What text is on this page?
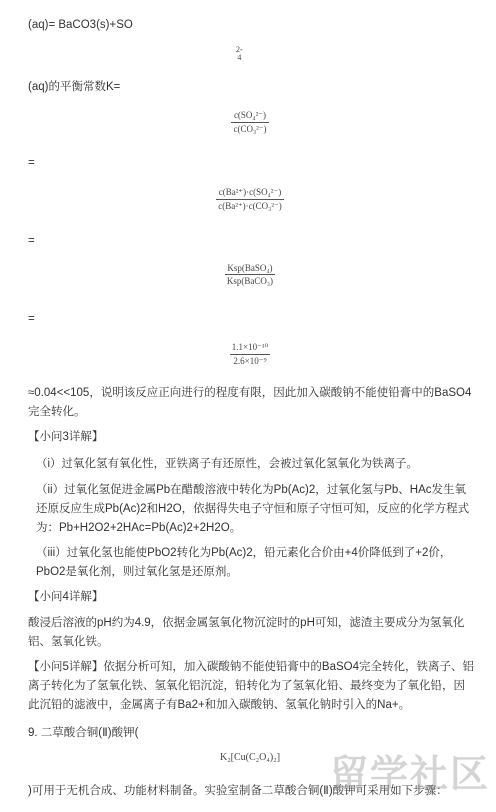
(aq)= BaCO3(s)+SO

2-
4

(aq)的平衡常数K=

$\frac{\text{c(SO₄²⁻)}}{\text{c(CO₃²⁻)}}$

=

$\frac{\text{c(Ba²⁺)·c(SO₄²⁻)}}{\text{c(Ba²⁺)·c(CO₃²⁻)}}$

=

$\frac{\text{Ksp(BaSO₄)}}{\text{Ksp(BaCO₃)}}$

=

$\frac{\text{1.1×10⁻¹⁰}}{\text{2.6×10⁻⁹}}$

≈0.04<<105，说明该反应正向进行的程度有限，因此加入碳酸钠不能使铅膏中的BaSO4完全转化。

【小问3详解】

（i）过氧化氢有氧化性，亚铁离子有还原性，会被过氧化氢氧化为铁离子。

（ii）过氧化氢促进金属Pb在醋酸溶液中转化为Pb(Ac)2，过氧化氢与Pb、HAc发生氧还原反应生成Pb(Ac)2和H2O，依据得失电子守恒和原子守恒可知，反应的化学方程式为：Pb+H2O2+2HAc=Pb(Ac)2+2H2O。

（iii）过氧化氢也能使PbO2转化为Pb(Ac)2，铅元素化合价由+4价降低到了+2价，PbO2是氧化剂，则过氧化氢是还原剂。

【小问4详解】

酸浸后溶液的pH约为4.9，依据金属氢氧化物沉淀时的pH可知，滤渣主要成分为氢氧化铝、氢氧化铁。

【小问5详解】依据分析可知，加入碳酸钠不能使铅膏中的BaSO4完全转化，铁离子、铝离子转化为了氢氧化铁、氢氧化铝沉淀，铅转化为了氢氧化铅、最终变为了氧化铅，因此沉铅的滤液中，金属离子有Ba2+和加入碳酸钠、氢氧化钠时引入的Na+。

9. 二草酸合铜(Ⅱ)酸钾(

K₂[Cu(C₂O₄)₂]

)可用于无机合成、功能材料制备。实验室制备二草酸合铜(Ⅱ)酸钾可采用如下步骤：

留学社区
